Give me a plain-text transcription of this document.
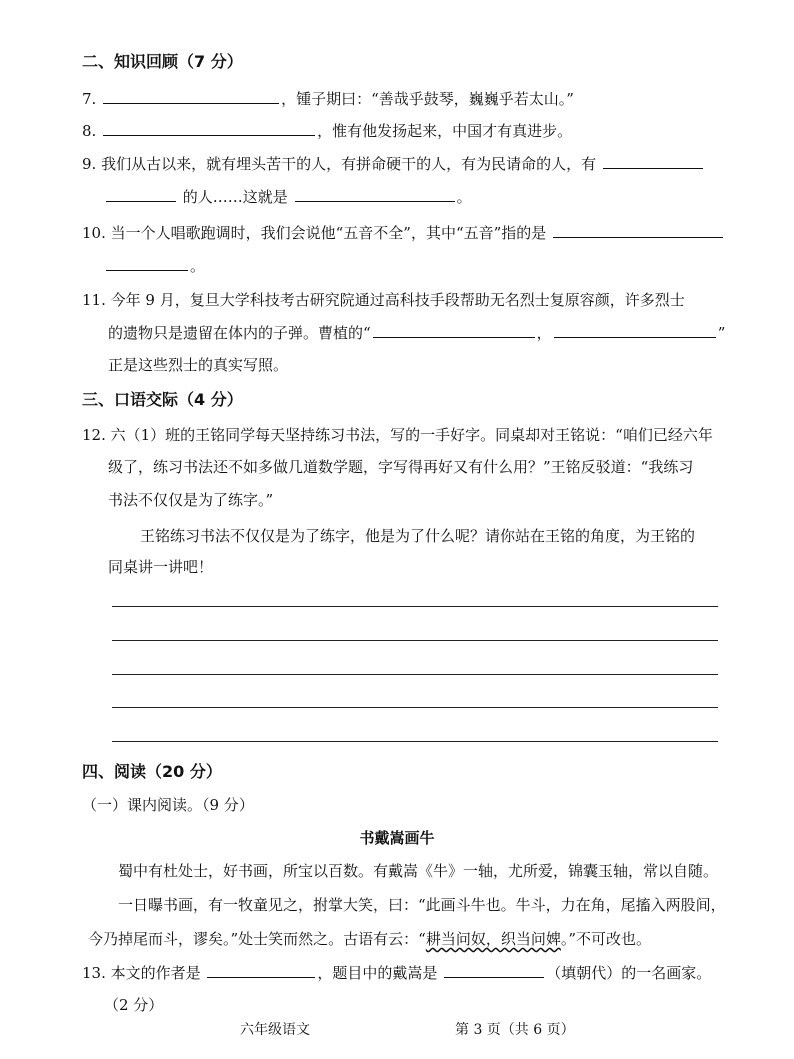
二、知识回顾（7 分）
7.	，锺子期曰：“善哉乎鼓琴，巍巍乎若太山。”
8.	，惟有他发扬起来，中国才有真进步。
9. 我们从古以来，就有埋头苦干的人，有拼命硬干的人，有为民请命的人，有
的人……这就是	。
10. 当一个人唱歌跑调时，我们会说他“五音不全”，其中“五音”指的是
。
11. 今年 9 月，复旦大学科技考古研究院通过高科技手段帮助无名烈士复原容颜，许多烈士
的遗物只是遗留在体内的子弹。曹植的“	，	”
正是这些烈士的真实写照。
三、口语交际（4 分）
12. 六（1）班的王铭同学每天坚持练习书法，写的一手好字。同桌却对王铭说：“咱们已经六年
级了，练习书法还不如多做几道数学题，字写得再好又有什么用？”王铭反驳道：“我练习
书法不仅仅是为了练字。”
王铭练习书法不仅仅是为了练字，他是为了什么呢？请你站在王铭的角度，为王铭的
同桌讲一讲吧！
四、阅读（20 分）
（一）课内阅读。（9 分）
书戴嵩画牛
蜀中有杜处士，好书画，所宝以百数。有戴嵩《牛》一轴，尤所爱，锦囊玉轴，常以自随。
一日曝书画，有一牧童见之，拊掌大笑，曰：“此画斗牛也。牛斗，力在角，尾搐入两股间，
今乃掉尾而斗，谬矣。”处士笑而然之。古语有云：“耕当问奴，织当问婢。”不可改也。
13. 本文的作者是	，题目中的戴嵩是	（填朝代）的一名画家。
（2 分）
六年级语文	第 3 页（共 6 页）
